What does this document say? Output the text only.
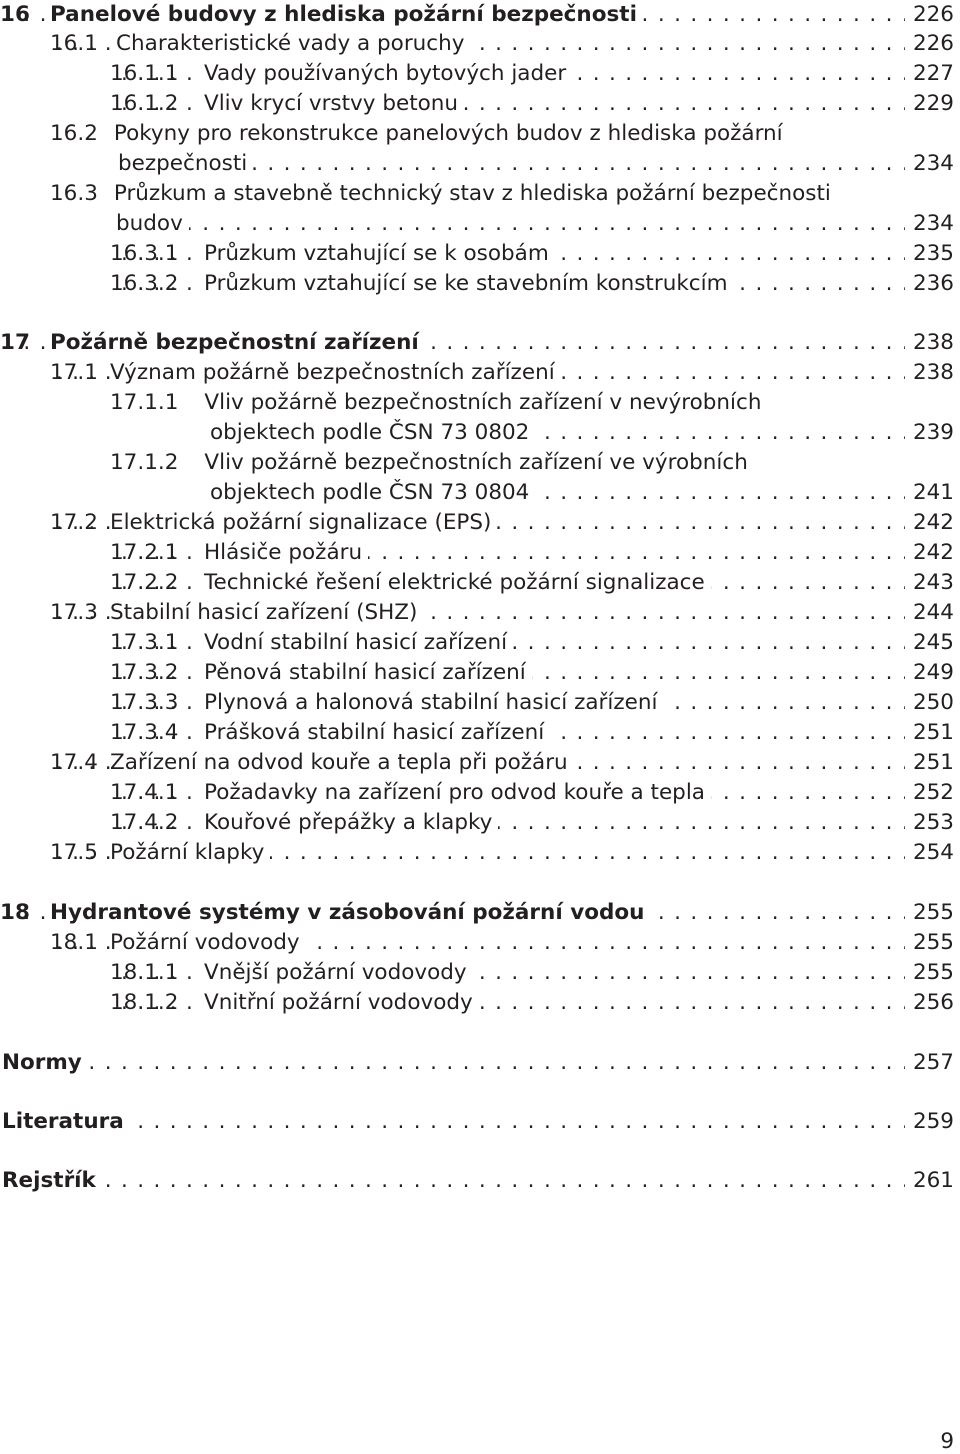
16 . . . Panelové budovy z hlediska požární bezpečnosti	226
16.1 . . . Charakteristické vady a poruchy	226
16.1.1 . . . Vady používaných bytových jader	227
16.1.2 . . . Vliv krycí vrstvy betonu	229
16.2 Pokyny pro rekonstrukce panelových budov z hlediska požární
. . .
bezpečnosti	234
16.3 Průzkum a stavebně technický stav z hlediska požární bezpečnosti
. . .
budov	234
16.3.1 . . . Průzkum vztahující se k osobám	235
16.3.2 . . . Průzkum vztahující se ke stavebním konstrukcím	236
17 . . . Požárně bezpečnostní zařízení	238
17.1 . . . Význam požárně bezpečnostních zařízení	238
17.1.1 Vliv požárně bezpečnostních zařízení v nevýrobních
. . .
objektech podle ČSN 73 0802	239
17.1.2 Vliv požárně bezpečnostních zařízení ve výrobních
. . .
objektech podle ČSN 73 0804	241
17.2 . . . Elektrická požární signalizace (EPS)	242
17.2.1 . . . Hlásiče požáru	242
17.2.2 . . . Technické řešení elektrické požární signalizace	243
17.3 . . . Stabilní hasicí zařízení (SHZ)	244
17.3.1 . . . Vodní stabilní hasicí zařízení	245
17.3.2 . . . Pěnová stabilní hasicí zařízení	249
17.3.3 . . . Plynová a halonová stabilní hasicí zařízení	250
17.3.4 . . . Prášková stabilní hasicí zařízení	251
17.4 . . . Zařízení na odvod kouře a tepla při požáru	251
17.4.1 . . . Požadavky na zařízení pro odvod kouře a tepla	252
17.4.2 . . . Kouřové přepážky a klapky	253
17.5 . . . Požární klapky	254
18 . . . Hydrantové systémy v zásobování požární vodou	255
18.1 . . . Požární vodovody	255
18.1.1 . . . Vnější požární vodovody	255
18.1.2 . . . Vnitřní požární vodovody	256
. . .
Normy	257
. . .
Literatura	259
. . .
Rejstřík	261
9
